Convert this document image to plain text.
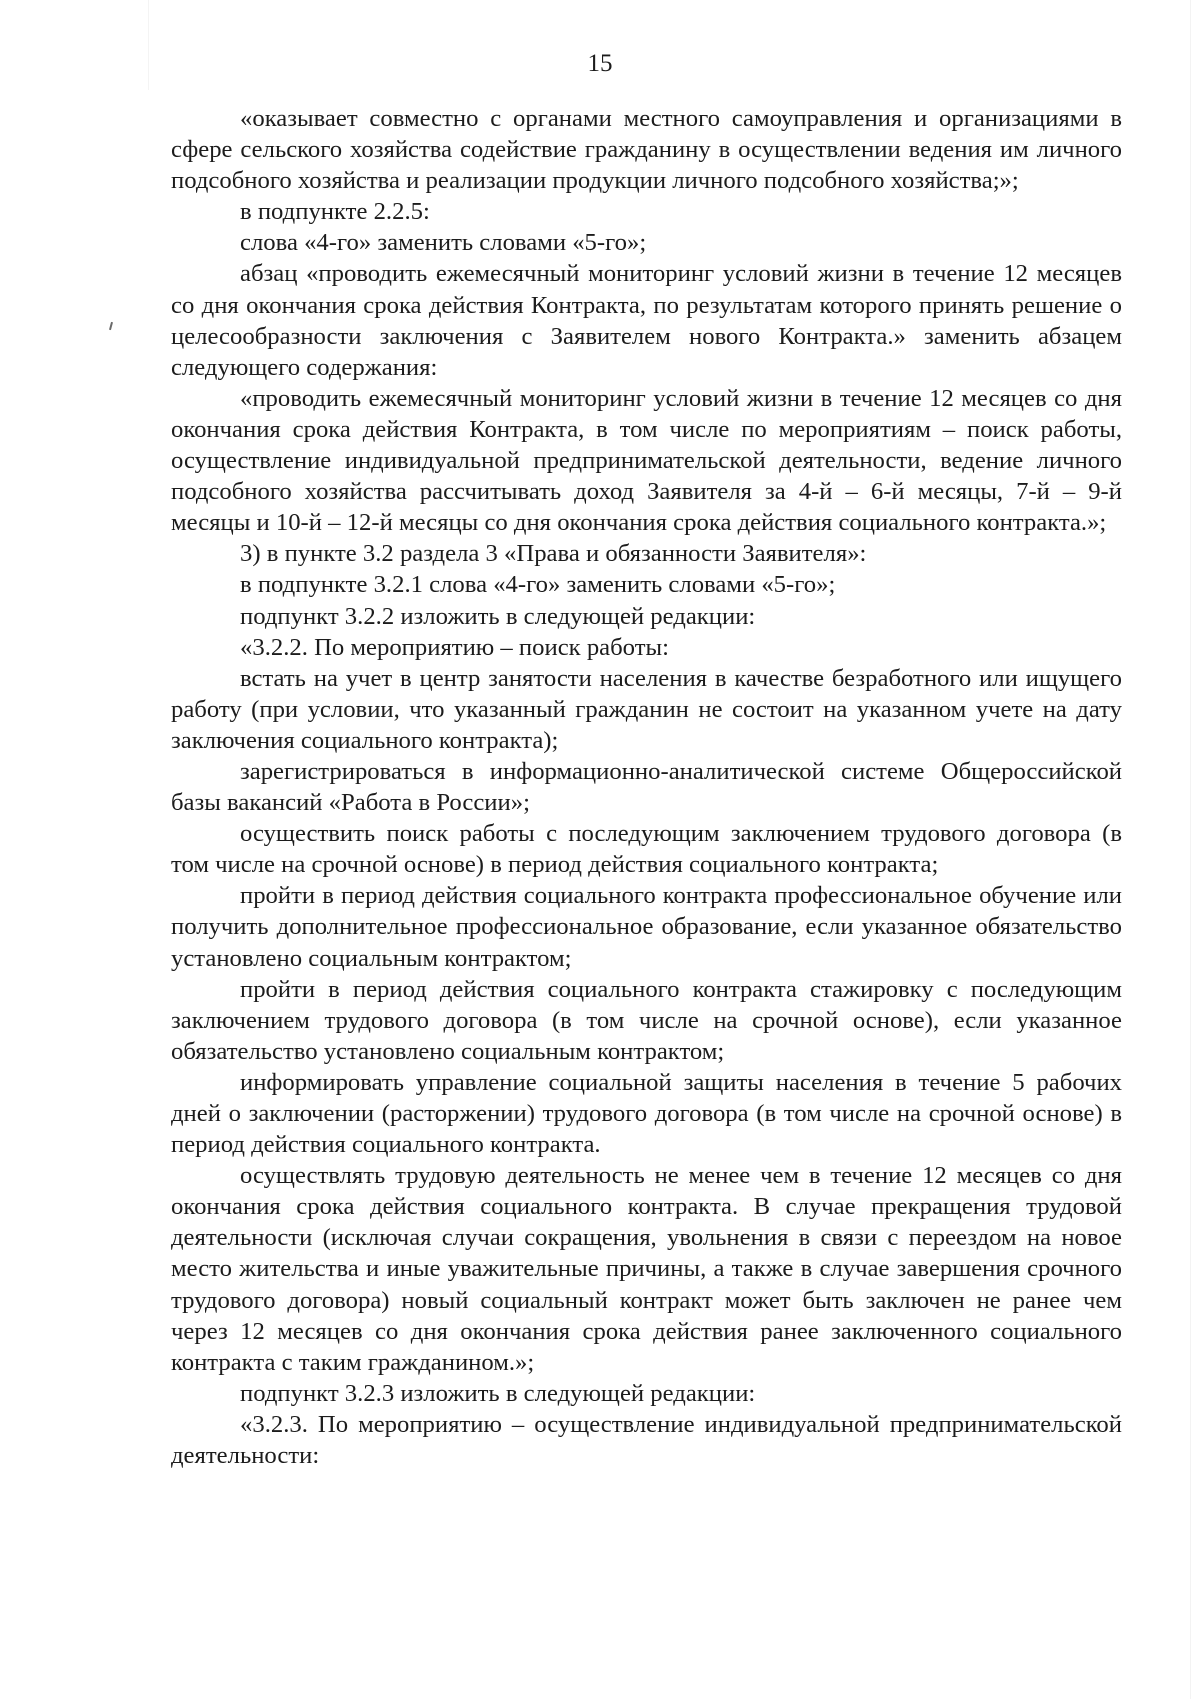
15

«оказывает совместно с органами местного самоуправления и организациями в сфере сельского хозяйства содействие гражданину в осуществлении ведения им личного подсобного хозяйства и реализации продукции личного подсобного хозяйства;»;

в подпункте 2.2.5:

слова «4-го» заменить словами «5-го»;

абзац «проводить ежемесячный мониторинг условий жизни в течение 12 месяцев со дня окончания срока действия Контракта, по результатам которого принять решение о целесообразности заключения с Заявителем нового Контракта.» заменить абзацем следующего содержания:

«проводить ежемесячный мониторинг условий жизни в течение 12 месяцев со дня окончания срока действия Контракта, в том числе по мероприятиям – поиск работы, осуществление индивидуальной предпринимательской деятельности, ведение личного подсобного хозяйства рассчитывать доход Заявителя за 4-й – 6-й месяцы, 7-й – 9-й месяцы и 10-й – 12-й месяцы со дня окончания срока действия социального контракта.»;

3) в пункте 3.2 раздела 3 «Права и обязанности Заявителя»:

в подпункте 3.2.1 слова «4-го» заменить словами «5-го»;

подпункт 3.2.2 изложить в следующей редакции:

«3.2.2. По мероприятию – поиск работы:

встать на учет в центр занятости населения в качестве безработного или ищущего работу (при условии, что указанный гражданин не состоит на указанном учете на дату заключения социального контракта);

зарегистрироваться в информационно-аналитической системе Общероссийской базы вакансий «Работа в России»;

осуществить поиск работы с последующим заключением трудового договора (в том числе на срочной основе) в период действия социального контракта;

пройти в период действия социального контракта профессиональное обучение или получить дополнительное профессиональное образование, если указанное обязательство установлено социальным контрактом;

пройти в период действия социального контракта стажировку с последующим заключением трудового договора (в том числе на срочной основе), если указанное обязательство установлено социальным контрактом;

информировать управление социальной защиты населения в течение 5 рабочих дней о заключении (расторжении) трудового договора (в том числе на срочной основе) в период действия социального контракта.

осуществлять трудовую деятельность не менее чем в течение 12 месяцев со дня окончания срока действия социального контракта. В случае прекращения трудовой деятельности (исключая случаи сокращения, увольнения в связи с переездом на новое место жительства и иные уважительные причины, а также в случае завершения срочного трудового договора) новый социальный контракт может быть заключен не ранее чем через 12 месяцев со дня окончания срока действия ранее заключенного социального контракта с таким гражданином.»;

подпункт 3.2.3 изложить в следующей редакции:

«3.2.3. По мероприятию – осуществление индивидуальной предпринимательской деятельности:
